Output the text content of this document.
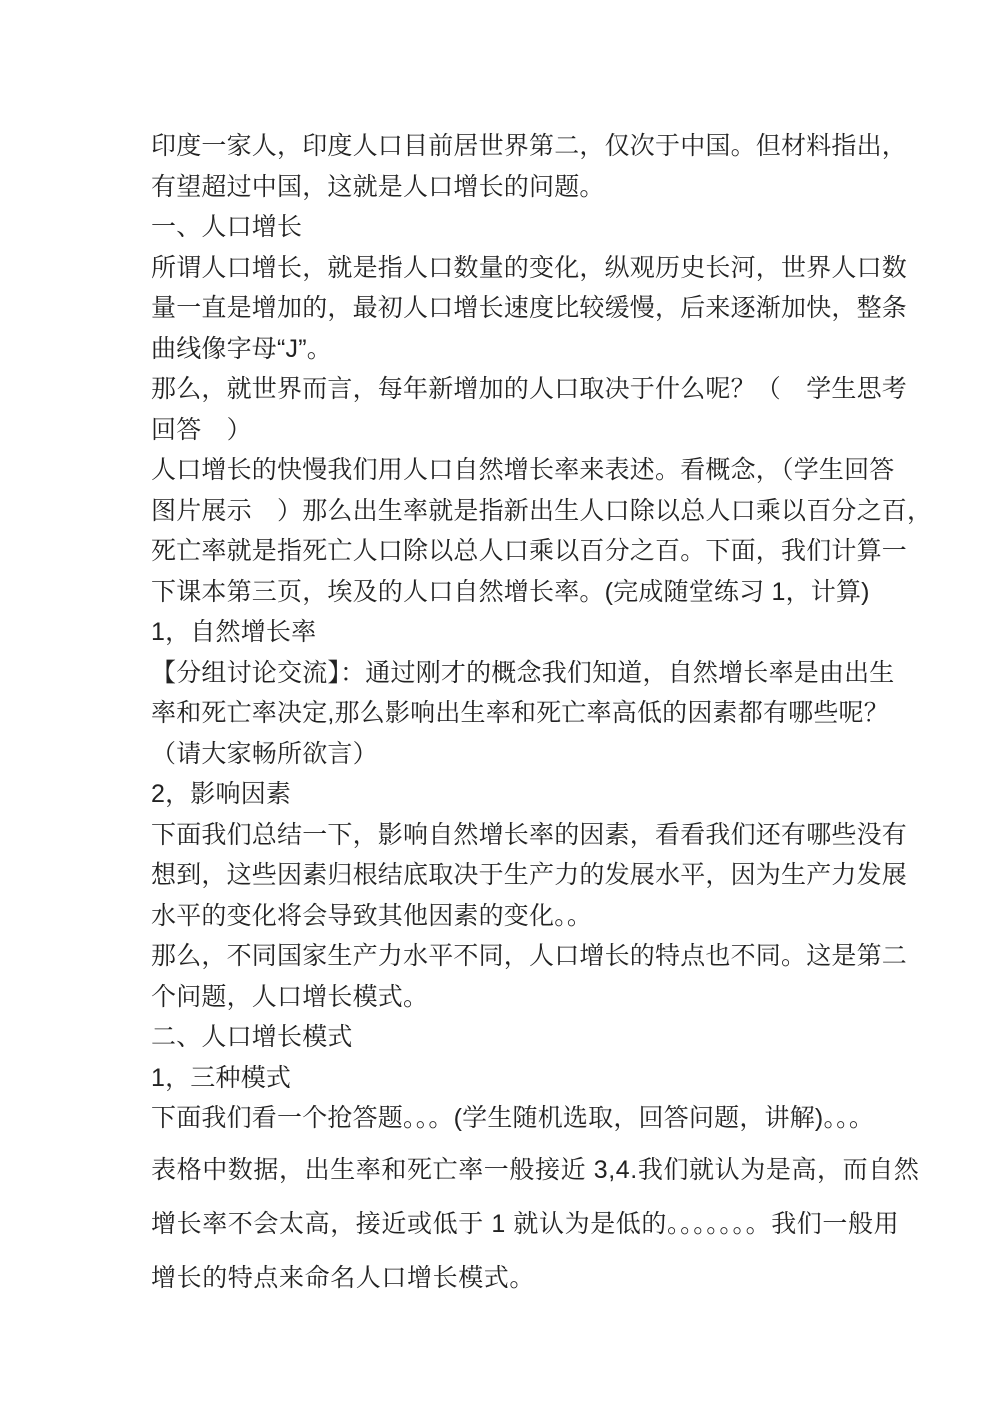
印度一家人，印度人口目前居世界第二，仅次于中国。但材料指出，
有望超过中国，这就是人口增长的问题。
一、人口增长
所谓人口增长，就是指人口数量的变化，纵观历史长河，世界人口数
量一直是增加的，最初人口增长速度比较缓慢，后来逐渐加快，整条
曲线像字母“J”。
那么，就世界而言，每年新增加的人口取决于什么呢？（　学生思考
回答　）
人口增长的快慢我们用人口自然增长率来表述。看概念，（学生回答
图片展示　）那么出生率就是指新出生人口除以总人口乘以百分之百，
死亡率就是指死亡人口除以总人口乘以百分之百。下面，我们计算一
下课本第三页，埃及的人口自然增长率。(完成随堂练习 1，计算)
1，自然增长率
【分组讨论交流】：通过刚才的概念我们知道，自然增长率是由出生
率和死亡率决定,那么影响出生率和死亡率高低的因素都有哪些呢？
（请大家畅所欲言）
2，影响因素
下面我们总结一下，影响自然增长率的因素，看看我们还有哪些没有
想到，这些因素归根结底取决于生产力的发展水平，因为生产力发展
水平的变化将会导致其他因素的变化。。
那么，不同国家生产力水平不同，人口增长的特点也不同。这是第二
个问题，人口增长模式。
二、人口增长模式
1，三种模式
下面我们看一个抢答题。。。(学生随机选取，回答问题，讲解)。。。
表格中数据，出生率和死亡率一般接近 3,4.我们就认为是高，而自然
增长率不会太高，接近或低于 1 就认为是低的。。。。。。。我们一般用
增长的特点来命名人口增长模式。
